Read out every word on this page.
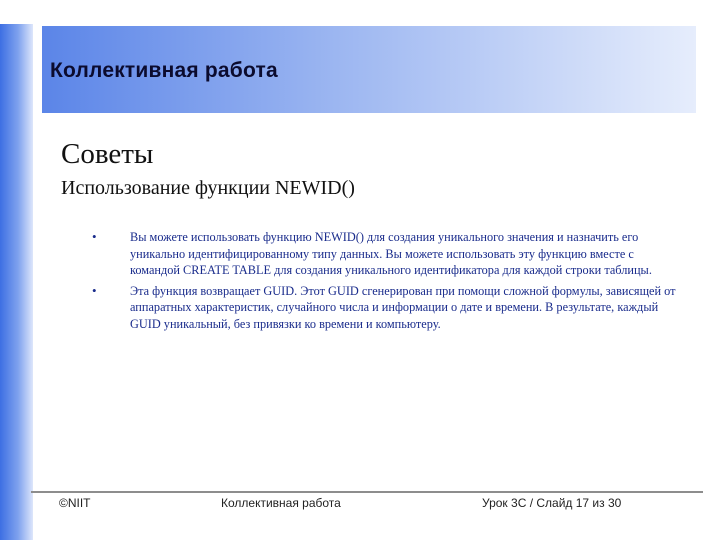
Коллективная работа
Советы
Использование функции NEWID()
•	Вы можете использовать функцию NEWID() для создания уникального значения и назначить его уникально идентифицированному типу данных. Вы можете использовать эту функцию вместе с командой CREATE TABLE для создания уникального идентификатора для каждой строки таблицы.
•	Эта функция возвращает GUID. Этот GUID сгенерирован при помощи сложной формулы, зависящей от аппаратных характеристик, случайного числа и информации о дате и времени. В результате, каждый GUID уникальный, без привязки ко времени и компьютеру.
©NIIT	Коллективная работа	Урок 3C / Слайд 17 из 30
